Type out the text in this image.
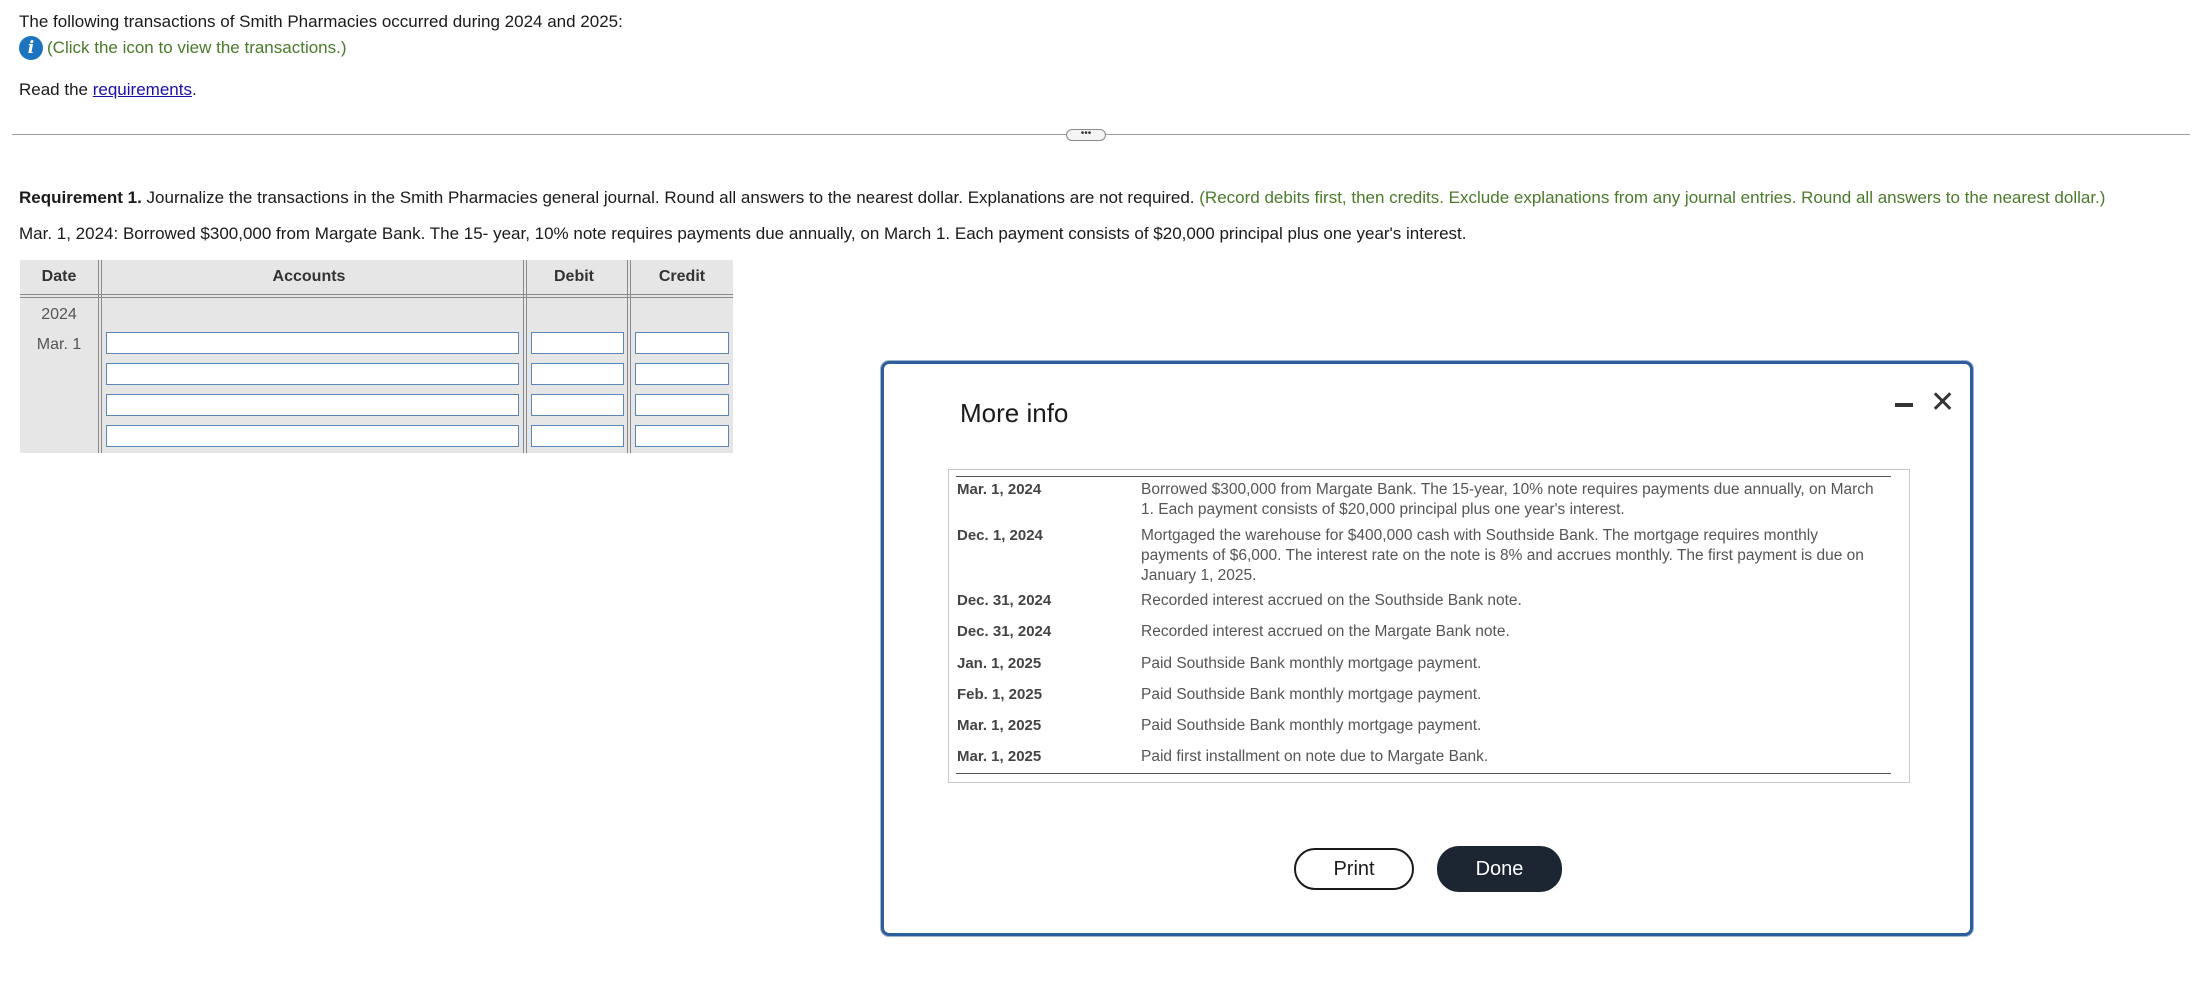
The following transactions of Smith Pharmacies occurred during 2024 and 2025:
i (Click the icon to view the transactions.)
Read the requirements.
•••
Requirement 1. Journalize the transactions in the Smith Pharmacies general journal. Round all answers to the nearest dollar. Explanations are not required. (Record debits first, then credits. Exclude explanations from any journal entries. Round all answers to the nearest dollar.)
Mar. 1, 2024: Borrowed $300,000 from Margate Bank. The 15- year, 10% note requires payments due annually, on March 1. Each payment consists of $20,000 principal plus one year's interest.
Date	Accounts	Debit	Credit
2024
Mar. 1
More info	✕
Mar. 1, 2024	Borrowed $300,000 from Margate Bank. The 15-year, 10% note requires payments due annually, on March 1. Each payment consists of $20,000 principal plus one year's interest.
Dec. 1, 2024	Mortgaged the warehouse for $400,000 cash with Southside Bank. The mortgage requires monthly payments of $6,000. The interest rate on the note is 8% and accrues monthly. The first payment is due on January 1, 2025.
Dec. 31, 2024	Recorded interest accrued on the Southside Bank note.
Dec. 31, 2024	Recorded interest accrued on the Margate Bank note.
Jan. 1, 2025	Paid Southside Bank monthly mortgage payment.
Feb. 1, 2025	Paid Southside Bank monthly mortgage payment.
Mar. 1, 2025	Paid Southside Bank monthly mortgage payment.
Mar. 1, 2025	Paid first installment on note due to Margate Bank.
Print	Done
